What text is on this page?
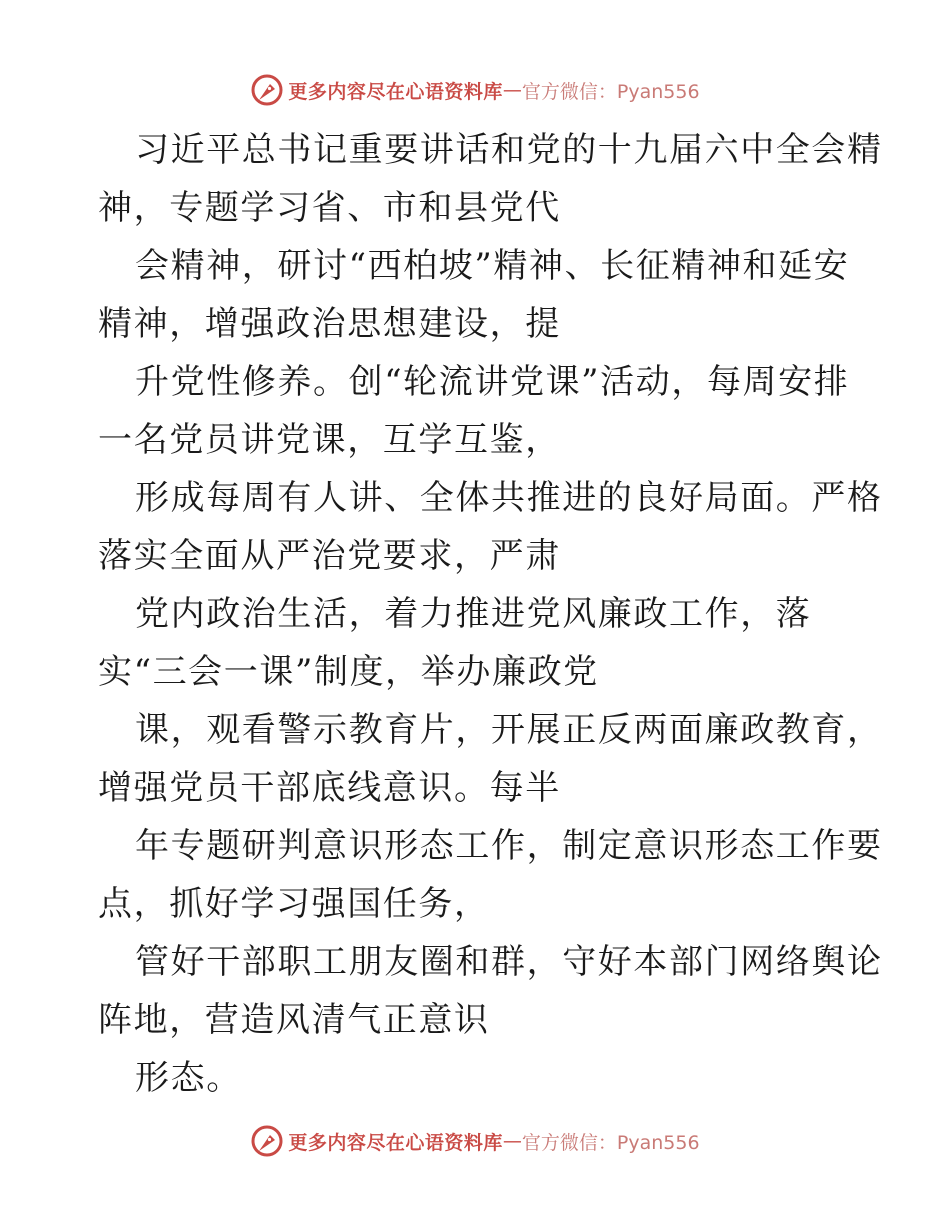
更多内容尽在心语资料库 — 官方微信：Pyan556
习近平总书记重要讲话和党的十九届六中全会精
神，专题学习省、市和县党代
会精神，研讨“西柏坡”精神、长征精神和延安
精神，增强政治思想建设，提
升党性修养。创“轮流讲党课”活动，每周安排
一名党员讲党课，互学互鉴，
形成每周有人讲、全体共推进的良好局面。严格
落实全面从严治党要求，严肃
党内政治生活，着力推进党风廉政工作，落
实“三会一课”制度，举办廉政党
课，观看警示教育片，开展正反两面廉政教育，
增强党员干部底线意识。每半
年专题研判意识形态工作，制定意识形态工作要
点，抓好学习强国任务，
管好干部职工朋友圈和群，守好本部门网络舆论
阵地，营造风清气正意识
形态。
更多内容尽在心语资料库 — 官方微信：Pyan556
